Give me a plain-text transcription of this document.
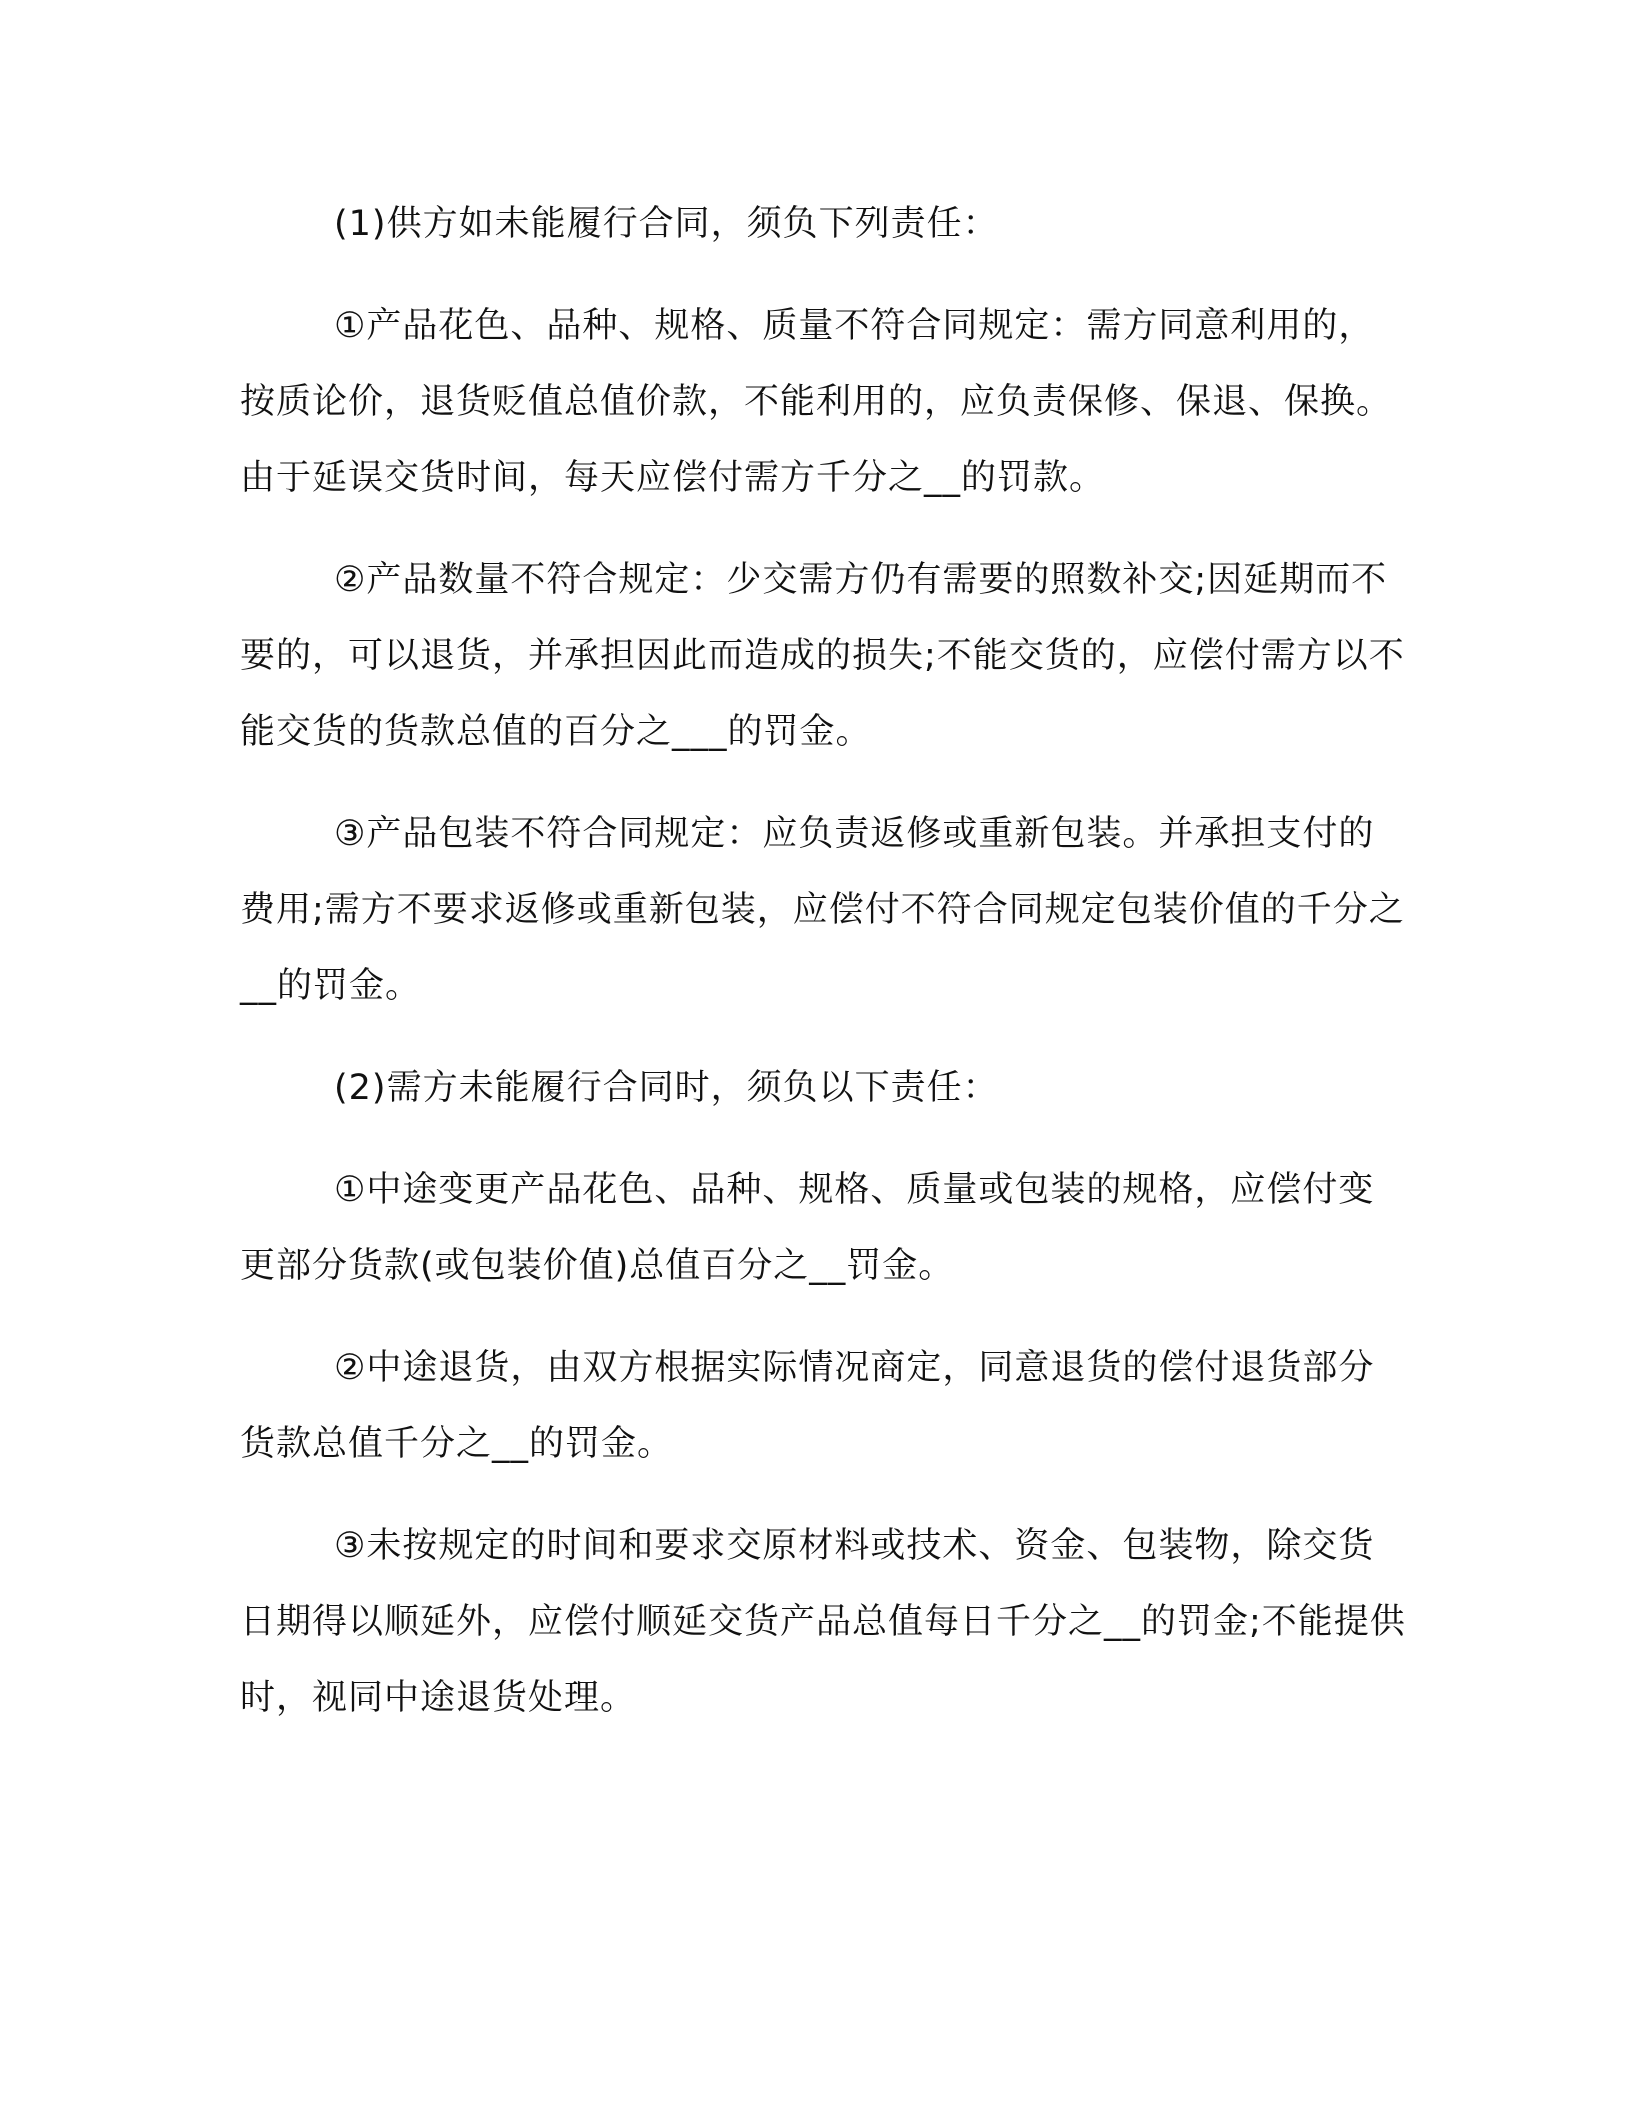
(1)供方如未能履行合同，须负下列责任：

①产品花色、品种、规格、质量不符合同规定：需方同意利用的，按质论价，退货贬值总值价款，不能利用的，应负责保修、保退、保换。由于延误交货时间，每天应偿付需方千分之__的罚款。

②产品数量不符合规定：少交需方仍有需要的照数补交;因延期而不要的，可以退货，并承担因此而造成的损失;不能交货的，应偿付需方以不能交货的货款总值的百分之___的罚金。

③产品包装不符合同规定：应负责返修或重新包装。并承担支付的费用;需方不要求返修或重新包装，应偿付不符合同规定包装价值的千分之__的罚金。

(2)需方未能履行合同时，须负以下责任：

①中途变更产品花色、品种、规格、质量或包装的规格，应偿付变更部分货款(或包装价值)总值百分之__罚金。

②中途退货，由双方根据实际情况商定，同意退货的偿付退货部分货款总值千分之__的罚金。

③未按规定的时间和要求交原材料或技术、资金、包装物，除交货日期得以顺延外，应偿付顺延交货产品总值每日千分之__的罚金;不能提供时，视同中途退货处理。
